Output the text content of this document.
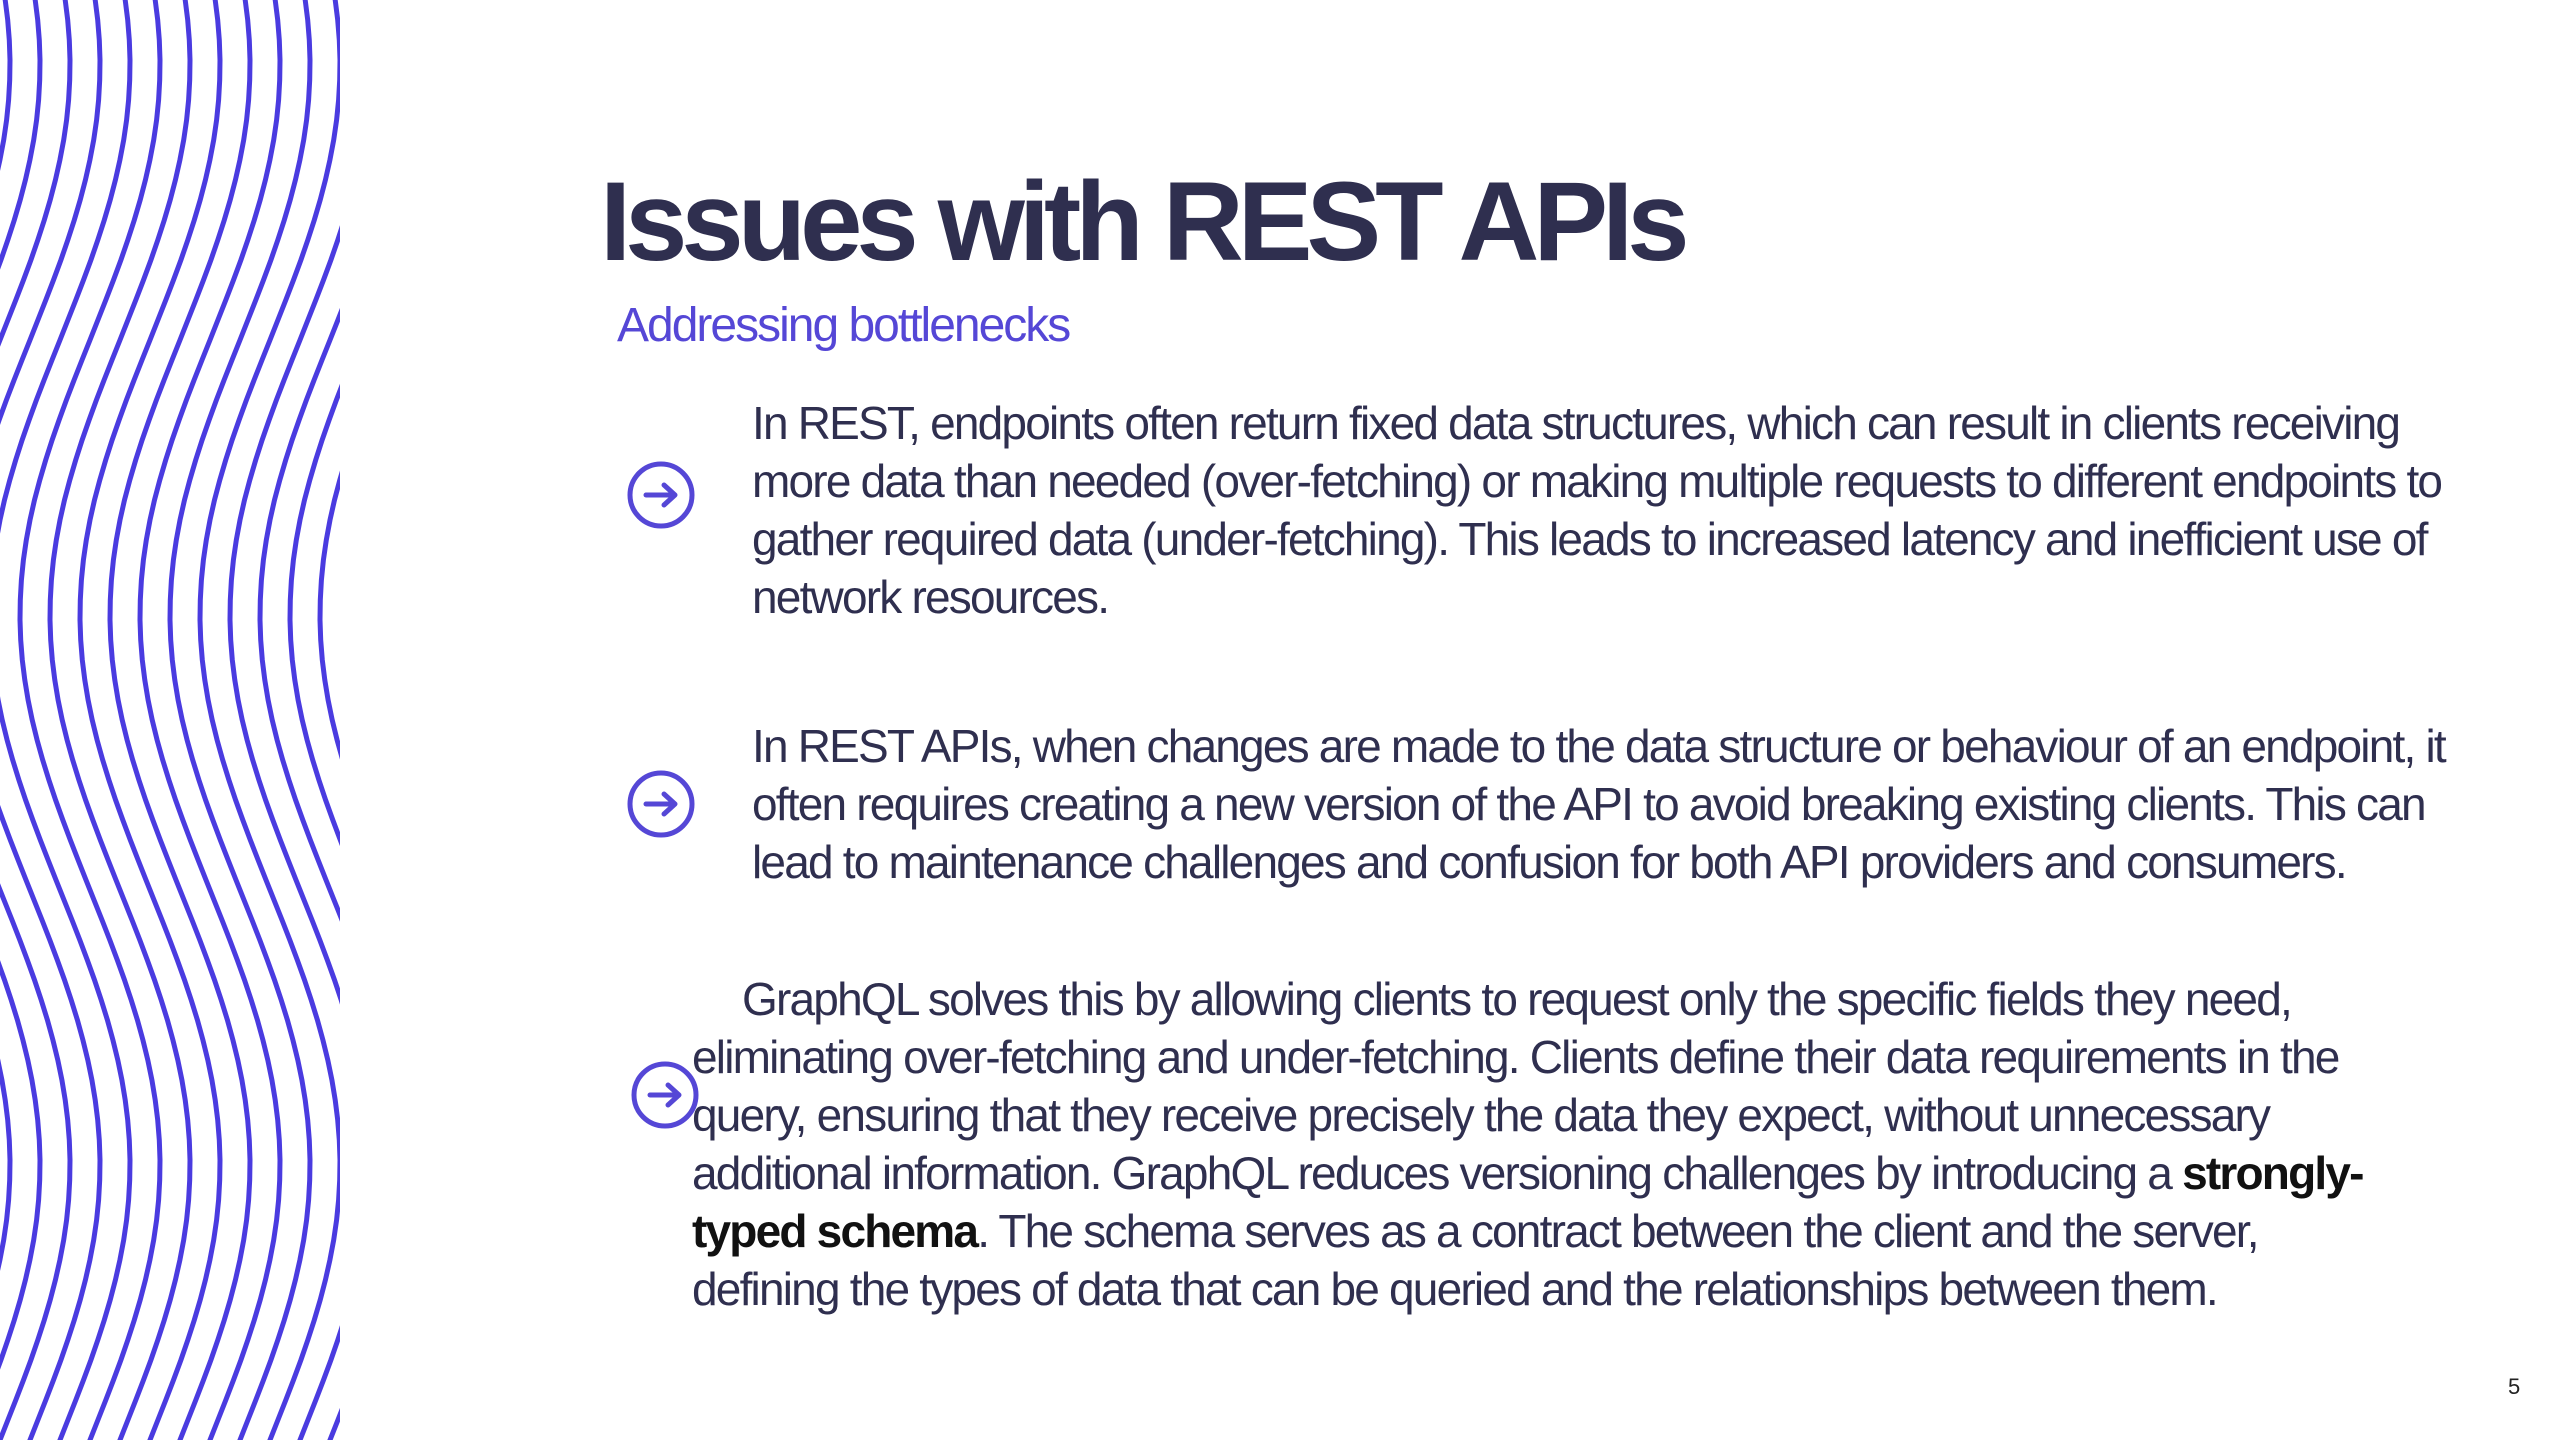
Issues with REST APIs
Addressing bottlenecks
In REST, endpoints often return fixed data structures, which can result in clients receiving more data than needed (over-fetching) or making multiple requests to different endpoints to gather required data (under-fetching). This leads to increased latency and inefficient use of network resources.
In REST APIs, when changes are made to the data structure or behaviour of an endpoint, it often requires creating a new version of the API to avoid breaking existing clients. This can lead to maintenance challenges and confusion for both API providers and consumers.
GraphQL solves this by allowing clients to request only the specific fields they need, eliminating over-fetching and under-fetching. Clients define their data requirements in the query, ensuring that they receive precisely the data they expect, without unnecessary additional information. GraphQL reduces versioning challenges by introducing a strongly-typed schema. The schema serves as a contract between the client and the server, defining the types of data that can be queried and the relationships between them.
5
